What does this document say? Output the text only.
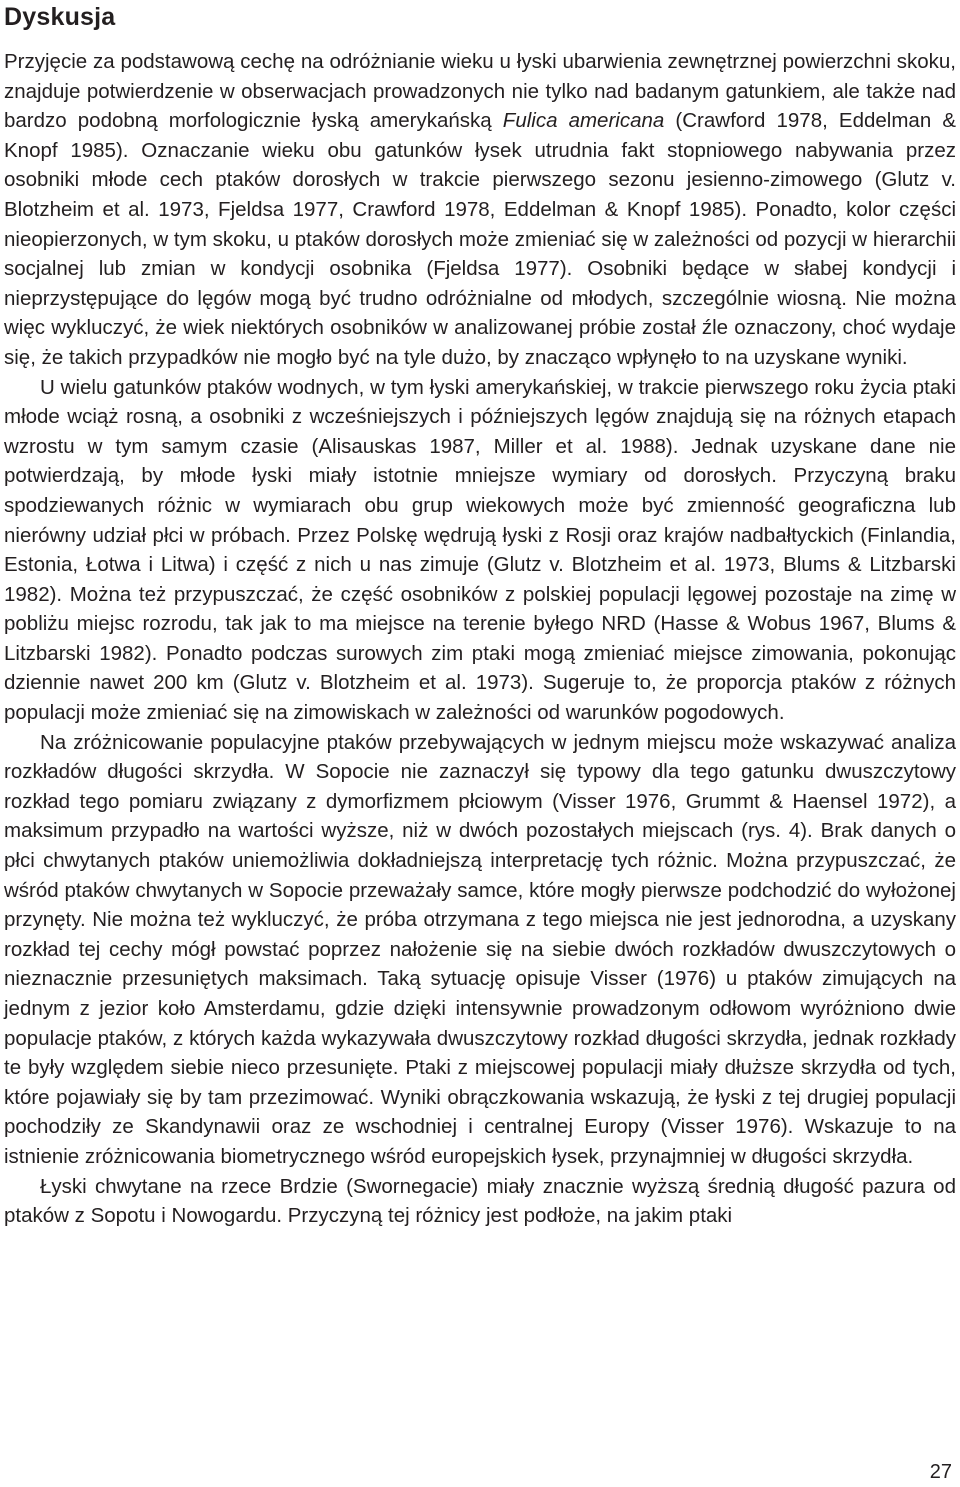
Dyskusja

Przyjęcie za podstawową cechę na odróżnianie wieku u łyski ubarwienia zewnętrznej powierzchni skoku, znajduje potwierdzenie w obserwacjach prowadzonych nie tylko nad badanym gatunkiem, ale także nad bardzo podobną morfologicznie łyską amerykańską Fulica americana (Crawford 1978, Eddelman & Knopf 1985). Oznaczanie wieku obu gatunków łysek utrudnia fakt stopniowego nabywania przez osobniki młode cech ptaków dorosłych w trakcie pierwszego sezonu jesienno-zimowego (Glutz v. Blotzheim et al. 1973, Fjeldsa 1977, Crawford 1978, Eddelman & Knopf 1985). Ponadto, kolor części nieopierzonych, w tym skoku, u ptaków dorosłych może zmieniać się w zależności od pozycji w hierarchii socjalnej lub zmian w kondycji osobnika (Fjeldsa 1977). Osobniki będące w słabej kondycji i nieprzystępujące do lęgów mogą być trudno odróżnialne od młodych, szczególnie wiosną. Nie można więc wykluczyć, że wiek niektórych osobników w analizowanej próbie został źle oznaczony, choć wydaje się, że takich przypadków nie mogło być na tyle dużo, by znacząco wpłynęło to na uzyskane wyniki.

U wielu gatunków ptaków wodnych, w tym łyski amerykańskiej, w trakcie pierwszego roku życia ptaki młode wciąż rosną, a osobniki z wcześniejszych i późniejszych lęgów znajdują się na różnych etapach wzrostu w tym samym czasie (Alisauskas 1987, Miller et al. 1988). Jednak uzyskane dane nie potwierdzają, by młode łyski miały istotnie mniejsze wymiary od dorosłych. Przyczyną braku spodziewanych różnic w wymiarach obu grup wiekowych może być zmienność geograficzna lub nierówny udział płci w próbach. Przez Polskę wędrują łyski z Rosji oraz krajów nadbałtyckich (Finlandia, Estonia, Łotwa i Litwa) i część z nich u nas zimuje (Glutz v. Blotzheim et al. 1973, Blums & Litzbarski 1982). Można też przypuszczać, że część osobników z polskiej populacji lęgowej pozostaje na zimę w pobliżu miejsc rozrodu, tak jak to ma miejsce na terenie byłego NRD (Hasse & Wobus 1967, Blums & Litzbarski 1982). Ponadto podczas surowych zim ptaki mogą zmieniać miejsce zimowania, pokonując dziennie nawet 200 km (Glutz v. Blotzheim et al. 1973). Sugeruje to, że proporcja ptaków z różnych populacji może zmieniać się na zimowiskach w zależności od warunków pogodowych.

Na zróżnicowanie populacyjne ptaków przebywających w jednym miejscu może wskazywać analiza rozkładów długości skrzydła. W Sopocie nie zaznaczył się typowy dla tego gatunku dwuszczytowy rozkład tego pomiaru związany z dymorfizmem płciowym (Visser 1976, Grummt & Haensel 1972), a maksimum przypadło na wartości wyższe, niż w dwóch pozostałych miejscach (rys. 4). Brak danych o płci chwytanych ptaków uniemożliwia dokładniejszą interpretację tych różnic. Można przypuszczać, że wśród ptaków chwytanych w Sopocie przeważały samce, które mogły pierwsze podchodzić do wyłożonej przynęty. Nie można też wykluczyć, że próba otrzymana z tego miejsca nie jest jednorodna, a uzyskany rozkład tej cechy mógł powstać poprzez nałożenie się na siebie dwóch rozkładów dwuszczytowych o nieznacznie przesuniętych maksimach. Taką sytuację opisuje Visser (1976) u ptaków zimujących na jednym z jezior koło Amsterdamu, gdzie dzięki intensywnie prowadzonym odłowom wyróżniono dwie populacje ptaków, z których każda wykazywała dwuszczytowy rozkład długości skrzydła, jednak rozkłady te były względem siebie nieco przesunięte. Ptaki z miejscowej populacji miały dłuższe skrzydła od tych, które pojawiały się by tam przezimować. Wyniki obrączkowania wskazują, że łyski z tej drugiej populacji pochodziły ze Skandynawii oraz ze wschodniej i centralnej Europy (Visser 1976). Wskazuje to na istnienie zróżnicowania biometrycznego wśród europejskich łysek, przynajmniej w długości skrzydła.

Łyski chwytane na rzece Brdzie (Swornegacie) miały znacznie wyższą średnią długość pazura od ptaków z Sopotu i Nowogardu. Przyczyną tej różnicy jest podłoże, na jakim ptaki

27
